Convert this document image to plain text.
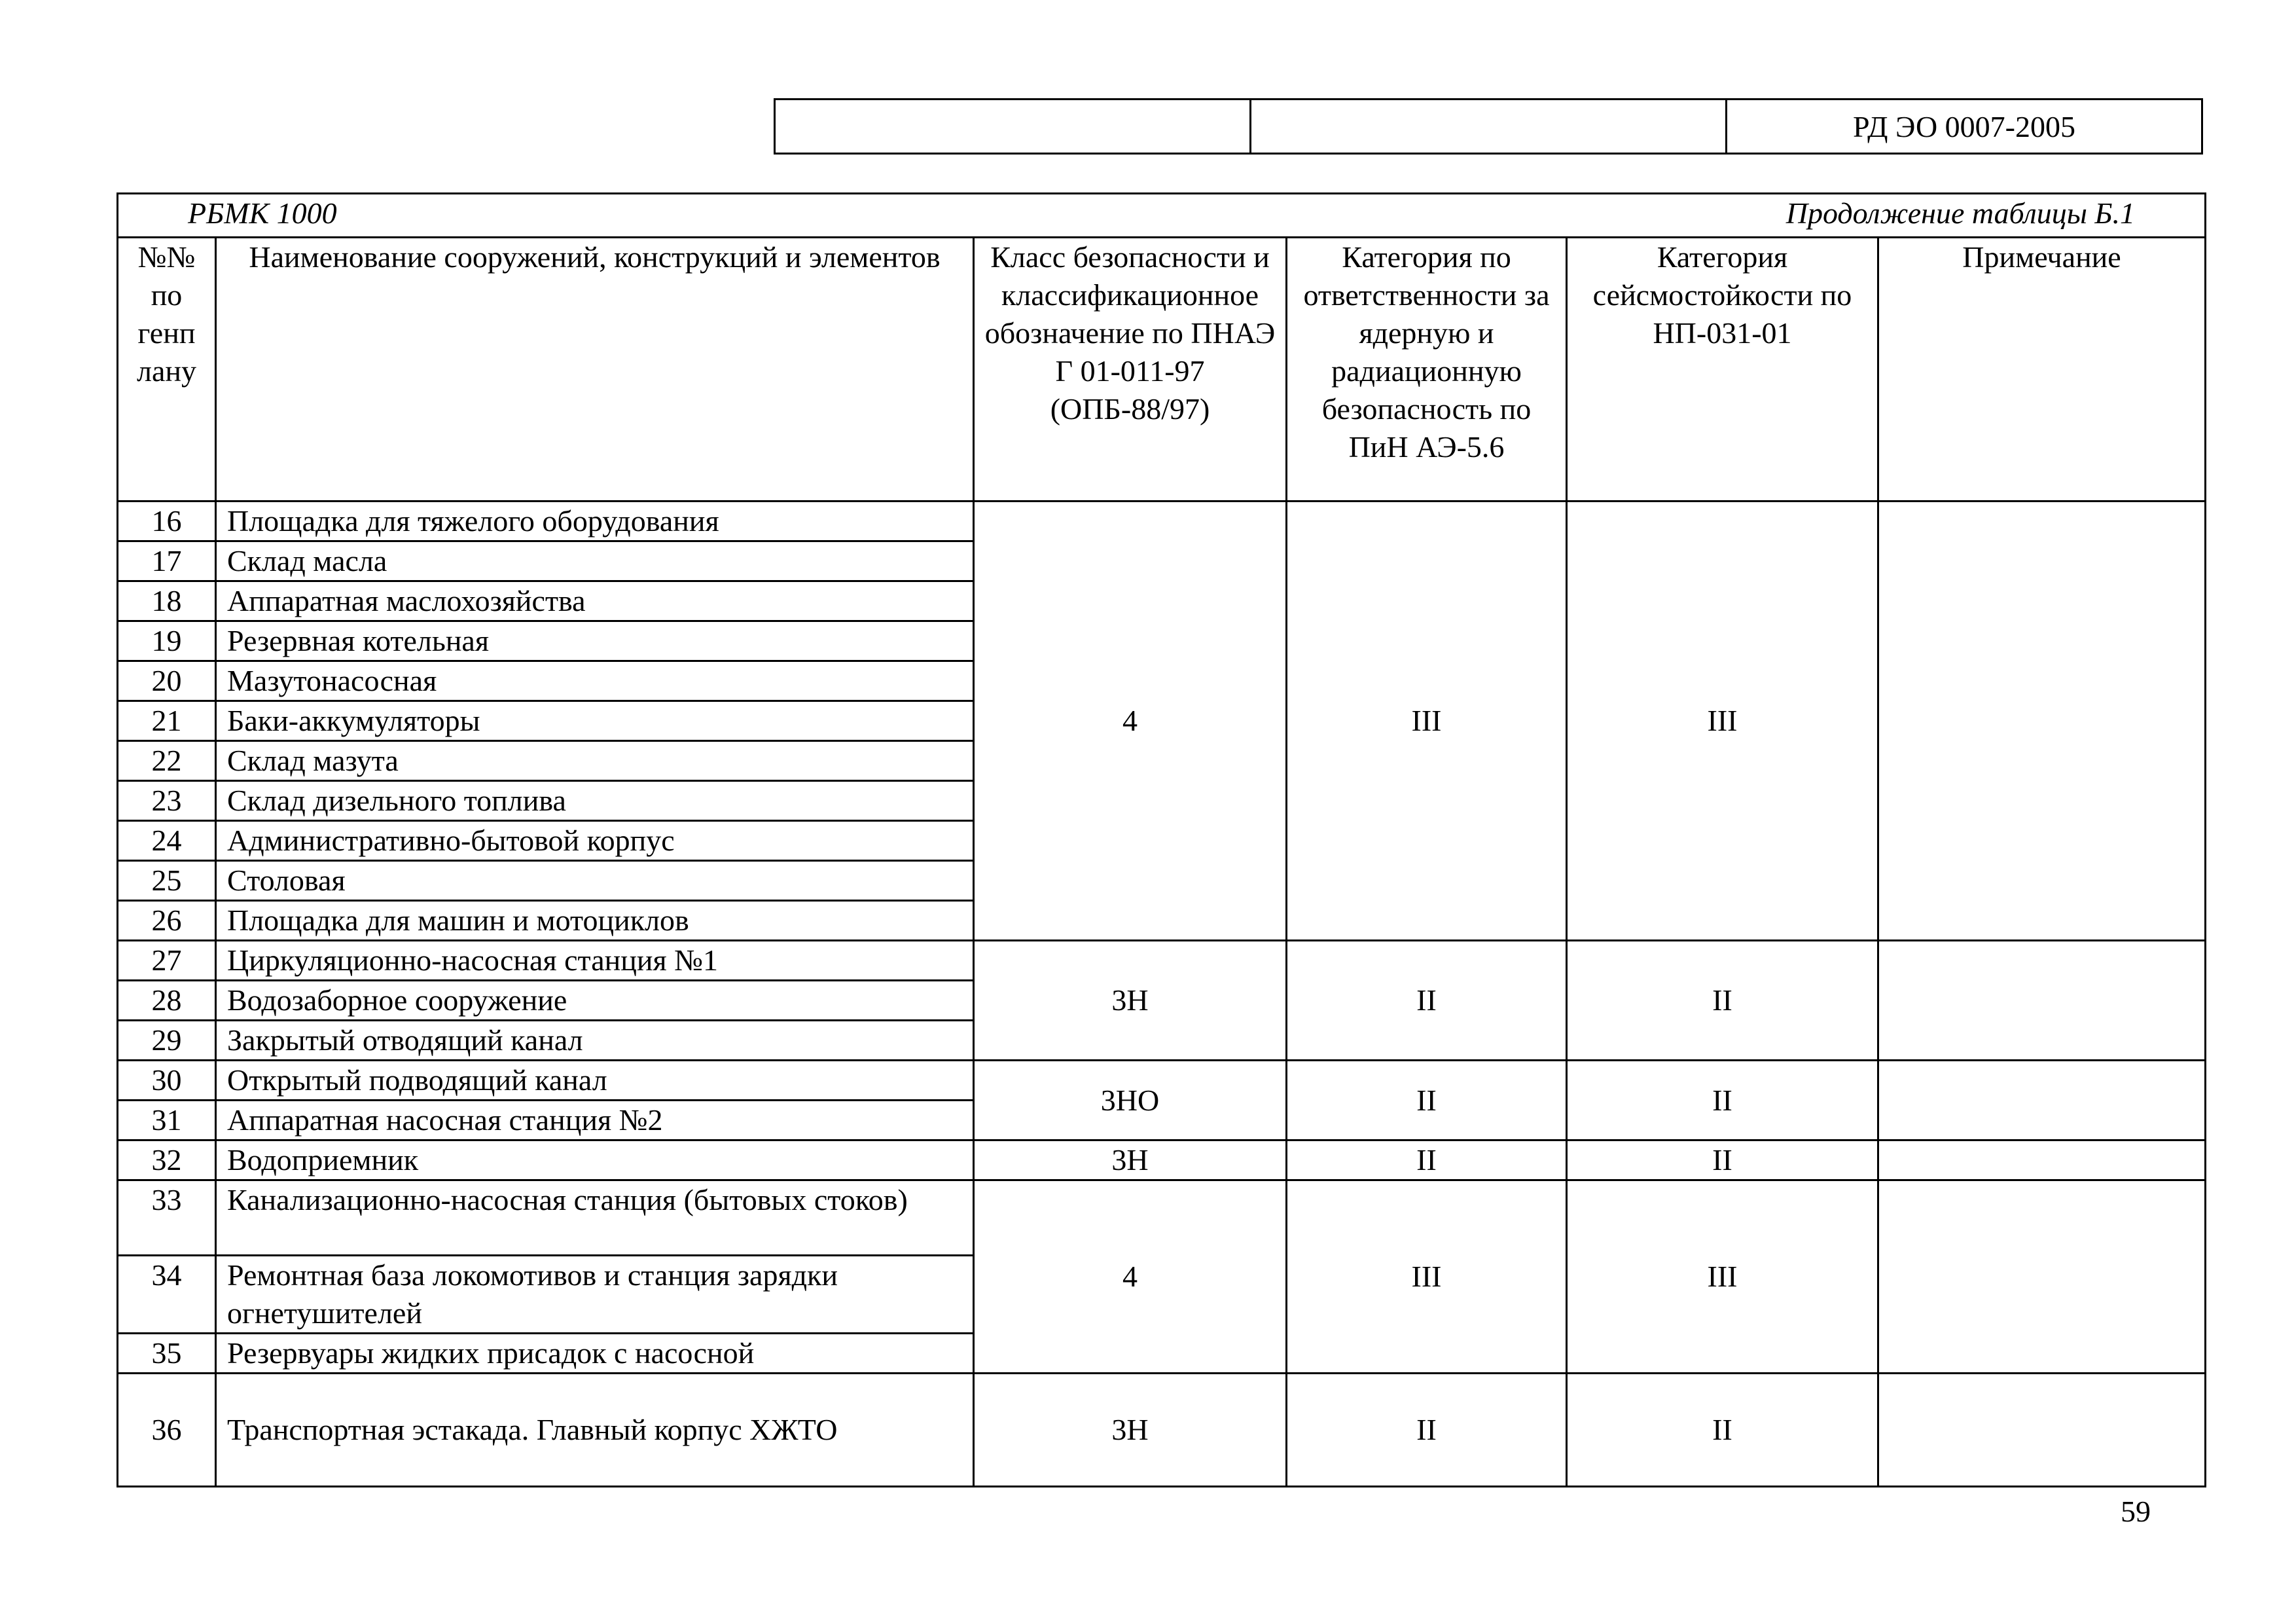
РД ЭО 0007-2005
РБМК 1000 Продолжение таблицы Б.1					

№№ по генп лану	Наименование сооружений, конструкций и элементов	Класс безопасности и классификационное обозначение по ПНАЭ Г 01-011-97 (ОПБ-88/97)	Категория по ответственности за ядерную и радиационную безопасность по ПиН АЭ-5.6	Категория сейсмостойкости по НП-031-01	Примечание
16	Площадка для тяжелого оборудования	4	III	III	
17	Склад масла				
18	Аппаратная маслохозяйства				
19	Резервная котельная				
20	Мазутонасосная				
21	Баки-аккумуляторы				
22	Склад мазута				
23	Склад дизельного топлива				
24	Административно-бытовой корпус				
25	Столовая				
26	Площадка для машин и мотоциклов				
27	Циркуляционно-насосная станция №1	3Н	II	II	
28	Водозаборное сооружение				
29	Закрытый отводящий канал				
30	Открытый подводящий канал	3НО	II	II	
31	Аппаратная насосная станция №2				
32	Водоприемник	3Н	II	II	
33	Канализационно-насосная станция (бытовых стоков)	4	III	III	
34	Ремонтная база локомотивов и станция зарядки огнетушителей				
35	Резервуары жидких присадок с насосной				
36	Транспортная эстакада. Главный корпус ХЖТО	3Н	II	II	
59
